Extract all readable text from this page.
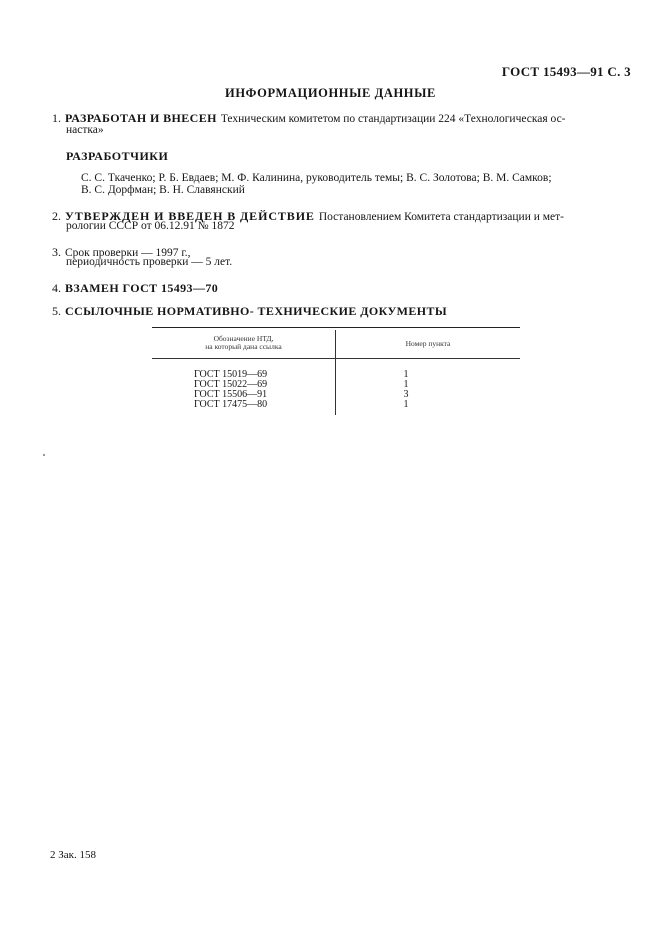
ГОСТ 15493—91 С. 3
ИНФОРМАЦИОННЫЕ ДАННЫЕ
1. РАЗРАБОТАН И ВНЕСЕН Техническим комитетом по стандартизации 224 «Технологическая ос-
настка»
РАЗРАБОТЧИКИ
С. С. Ткаченко; Р. Б. Евдаев; М. Ф. Калинина, руководитель темы; В. С. Золотова; В. М. Самков;
В. С. Дорфман; В. Н. Славянский
2. УТВЕРЖДЕН И ВВЕДЕН В ДЕЙСТВИЕ Постановлением Комитета стандартизации и мет-
рологии СССР от 06.12.91 № 1872
3. Срок проверки — 1997 г.,
периодичность проверки — 5 лет.
4. ВЗАМЕН ГОСТ 15493—70
5. ССЫЛОЧНЫЕ НОРМАТИВНО- ТЕХНИЧЕСКИЕ ДОКУМЕНТЫ
Обозначение НТД,
на который дана ссылка	Номер пункта
ГОСТ 15019—69	1
ГОСТ 15022—69	1
ГОСТ 15506—91	3
ГОСТ 17475—80	1
2 Зак. 158
